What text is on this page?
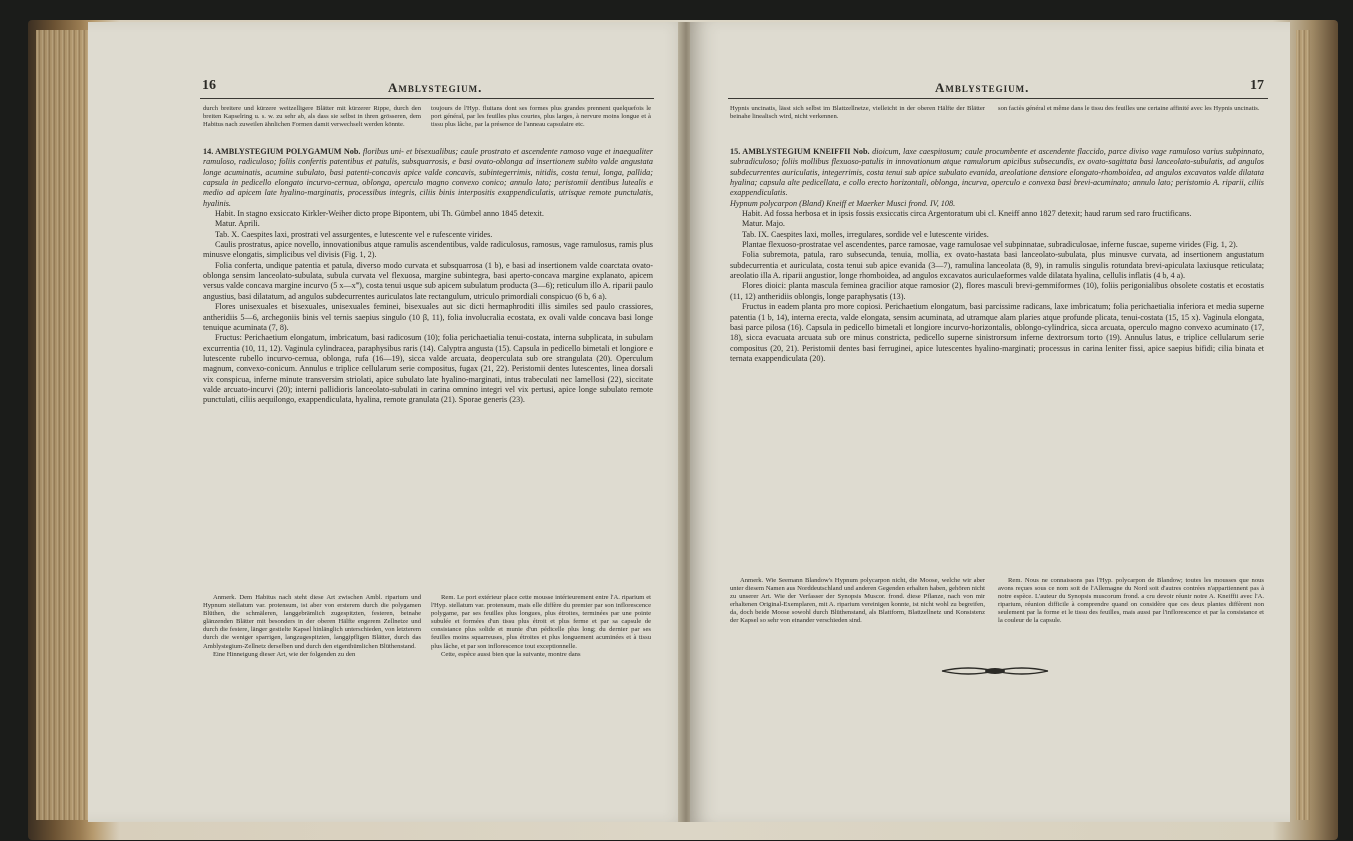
16	Amblystegium.
durch breitere und kürzere weitzelligere Blätter mit kürzerer Rippe, durch den breiten Kapselring u. s. w. zu sehr ab, als dass sie selbst in ihren grösseren, dem Habitus nach zuweilen ähnlichen Formen damit verwechselt werden könnte.
toujours de l'Hyp. fluitans dont ses formes plus grandes prennent quelquefois le port général, par les feuilles plus courtes, plus larges, à nervure moins longue et à tissu plus lâche, par la présence de l'anneau capsulaire etc.

14. AMBLYSTEGIUM POLYGAMUM Nob. floribus uni- et bisexualibus; caule prostrato et ascendente ramoso vage et inaequaliter ramuloso, radiculoso; foliis confertis patentibus et patulis, subsquarrosis, e basi ovato-oblonga ad insertionem subito valde angustata longe acuminatis, acumine subulato, basi patenti-concavis apice valde concavis, subintegerrimis, nitidis, costa tenui, longa, pallida; capsula in pedicello elongato incurvo-cernua, oblonga, operculo magno convexo conico; annulo lato; peristomii dentibus lutealis e medio ad apicem late hyalino-marginatis, processibus integris, ciliis binis interpositis exappendiculatis, utrisque remote punctulatis, hyalinis.

Habit. In stagno exsiccato Kirkler-Weiher dicto prope Bipontem, ubi Th. Gümbel anno 1845 detexit.

Matur. Aprili.

Tab. X. Caespites laxi, prostrati vel assurgentes, e lutescente vel e rufescente virides.

Caulis prostratus, apice novello, innovationibus atque ramulis ascendentibus, valde radiculosus, ramosus, vage ramulosus, ramis plus minusve elongatis, simplicibus vel divisis (Fig. 1, 2).

Folia conferta, undique patentia et patula, diverso modo curvata et subsquarrosa (1 b), e basi ad insertionem valde coarctata ovato-oblonga sensim lanceolato-subulata, subula curvata vel flexuosa, margine subintegra, basi aperto-concava margine explanato, apicem versus valde concava margine incurvo (5 x—x‴), costa tenui usque sub apicem subulatum producta (3—6); reticulum illo A. riparii paulo angustius, basi dilatatum, ad angulos subdecurrentes auriculatos late rectangulum, utriculo primordiali conspicuo (6 b, 6 a).

Flores unisexuales et bisexuales, unisexuales feminei, bisexuales aut sic dicti hermaphroditi illis similes sed paulo crassiores, antheridiis 5—6, archegoniis binis vel ternis saepius singulo (10 β, 11), folia involucralia ecostata, ex ovali valde concava basi longe tenuique acuminata (7, 8).

Fructus: Perichaetium elongatum, imbricatum, basi radicosum (10); folia perichaetialia tenui-costata, interna subplicata, in subulam excurrentia (10, 11, 12). Vaginula cylindracea, paraphysibus raris (14). Calyptra angusta (15). Capsula in pedicello bimetali et longiore e lutescente rubello incurvo-cernua, oblonga, rufa (16—19), sicca valde arcuata, deoperculata sub ore strangulata (20). Operculum magnum, convexo-conicum. Annulus e triplice cellularum serie compositus, fugax (21, 22). Peristomii dentes lutescentes, linea dorsali vix conspicua, inferne minute transversim striolati, apice subulato late hyalino-marginati, intus trabeculati nec lamellosi (22), siccitate valde arcuato-incurvi (20); interni pallidioris lanceolato-subulati in carina omnino integri vel vix pertusi, apice longe subulato remote punctulati, ciliis aequilongo, exappendiculata, hyalina, remote granulata (21). Sporae generis (23).

Anmerk. Dem Habitus nach steht diese Art zwischen Ambl. riparium und Hypnum stellatum var. protensum, ist aber von ersterem durch die polygamen Blüthen, die schmäleren, langgebrämlich zugespitzten, festeren, beinahe glänzenden Blätter mit besonders in der oberen Hälfte engerem Zellnetze und durch die festere, länger gestielte Kapsel hinlänglich unterschieden, von letzterem durch die weniger sparrigen, langzugespitzten, langgipfligen Blätter, durch das Amblystegium-Zellnetz derselben und durch den eigenthümlichen Blüthenstand.

Eine Hinneigung dieser Art, wie der folgenden zu den

Rem. Le port extérieur place cette mousse intérieurement entre l'A. riparium et l'Hyp. stellatum var. protensum, mais elle diffère du premier par son inflorescence polygame, par ses feuilles plus longues, plus étroites, terminées par une pointe subulée et formées d'un tissu plus étroit et plus ferme et par sa capsule de consistance plus solide et munie d'un pédicelle plus long; du dernier par ses feuilles moins squarreuses, plus étroites et plus longuement acuminées et à tissu plus lâche, et par son inflorescence tout exceptionnelle.

Cette, espèce aussi bien que la suivante, montre dans

Amblystegium.	17
Hypnis uncinatis, lässt sich selbst im Blattzellnetze, vielleicht in der oberen Hälfte der Blätter beinahe linealisch wird, nicht verkennen.
son faciès général et même dans le tissu des feuilles une certaine affinité avec les Hypnis uncinatis.

15. AMBLYSTEGIUM KNEIFFII Nob. dioicum, laxe caespitosum; caule procumbente et ascendente flaccido, parce diviso vage ramuloso varius subpinnato, subradiculoso; foliis mollibus flexuoso-patulis in innovationum atque ramulorum apicibus subsecundis, ex ovato-sagittata basi lanceolato-subulatis, ad angulos subdecurrentes auriculatis, integerrimis, costa tenui sub apice subulato evanida, areolatione densiore elongato-rhomboidea, ad angulos excavatos valde dilatata hyalina; capsula alte pedicellata, e collo erecto horizontali, oblonga, incurva, operculo e convexa basi brevi-acuminato; annulo lato; peristomio A. riparii, ciliis exappendiculatis.

Hypnum polycarpon (Bland) Kneiff et Maerker Musci frond. IV, 108.

Habit. Ad fossa herbosa et in ipsis fossis exsiccatis circa Argentoratum ubi cl. Kneiff anno 1827 detexit; haud rarum sed raro fructificans.

Matur. Majo.

Tab. IX. Caespites laxi, molles, irregulares, sordide vel e lutescente virides.

Plantae flexuoso-prostratae vel ascendentes, parce ramosae, vage ramulosae vel subpinnatae, subradiculosae, inferne fuscae, superne virides (Fig. 1, 2).

Folia subremota, patula, raro subsecunda, tenuia, mollia, ex ovato-hastata basi lanceolato-subulata, plus minusve curvata, ad insertionem angustatum subdecurrentia et auriculata, costa tenui sub apice evanida (3—7), ramulina lanceolata (8, 9), in ramulis singulis rotundata brevi-apiculata laxiusque reticulata; areolatio illa A. riparii angustior, longe rhomboidea, ad angulos excavatos auriculaeformes valde dilatata hyalina, cellulis inflatis (4 b, 4 a).

Flores dioici: planta mascula feminea gracilior atque ramosior (2), flores masculi brevi-gemmiformes (10), foliis perigonialibus obsolete costatis et ecostatis (11, 12) antheridiis oblongis, longe paraphysatis (13).

Fructus in eadem planta pro more copiosi. Perichaetium elongatum, basi parcissime radicans, laxe imbricatum; folia perichaetialia inferiora et media superne patentia (1 b, 14), interna erecta, valde elongata, sensim acuminata, ad utramque alam plaries atque profunde plicata, tenui-costata (15, 15 x). Vaginula elongata, basi parce pilosa (16). Capsula in pedicello bimetali et longiore incurvo-horizontalis, oblongo-cylindrica, sicca arcuata, operculo magno convexo acuminato (17, 18), sicca evacuata arcuata sub ore minus constricta, pedicello superne sinistrorsum inferne dextrorsum torto (19). Annulus latus, e triplice cellularum serie compositus (20, 21). Peristomii dentes basi ferruginei, apice lutescentes hyalino-marginati; processus in carina leniter fissi, apice saepius bifidi; cilia binata et ternata exappendiculata (20).

Anmerk. Wie Seemann Blandow's Hypnum polycarpon nicht, die Moose, welche wir aber unter diesem Namen aus Norddeutschland und anderen Gegenden erhalten haben, gehören nicht zu unserer Art. Wie der Verfasser der Synopsis Muscor. frond. diese Pflanze, nach von mir erhaltenen Original-Exemplaren, mit A. riparium vereinigen konnte, ist nicht wohl zu begreifen, da, doch beide Moose sowohl durch Blüthenstand, als Blattform, Blattzellnetz und Konsistenz der Kapsel so sehr von einander verschieden sind.

Rem. Nous ne connaissons pas l'Hyp. polycarpon de Blandow; toutes les mousses que nous avons reçues sous ce nom soit de l'Allemagne du Nord soit d'autres contrées n'appartiennent pas à notre espèce. L'auteur du Synopsis muscorum frond. a cru devoir réunir notre A. Kneiffii avec l'A. riparium, réunion difficile à comprendre quand on considère que ces deux plantes diffèrent non seulement par la forme et le tissu des feuilles, mais aussi par l'inflorescence et par la consistance et la couleur de la capsule.
